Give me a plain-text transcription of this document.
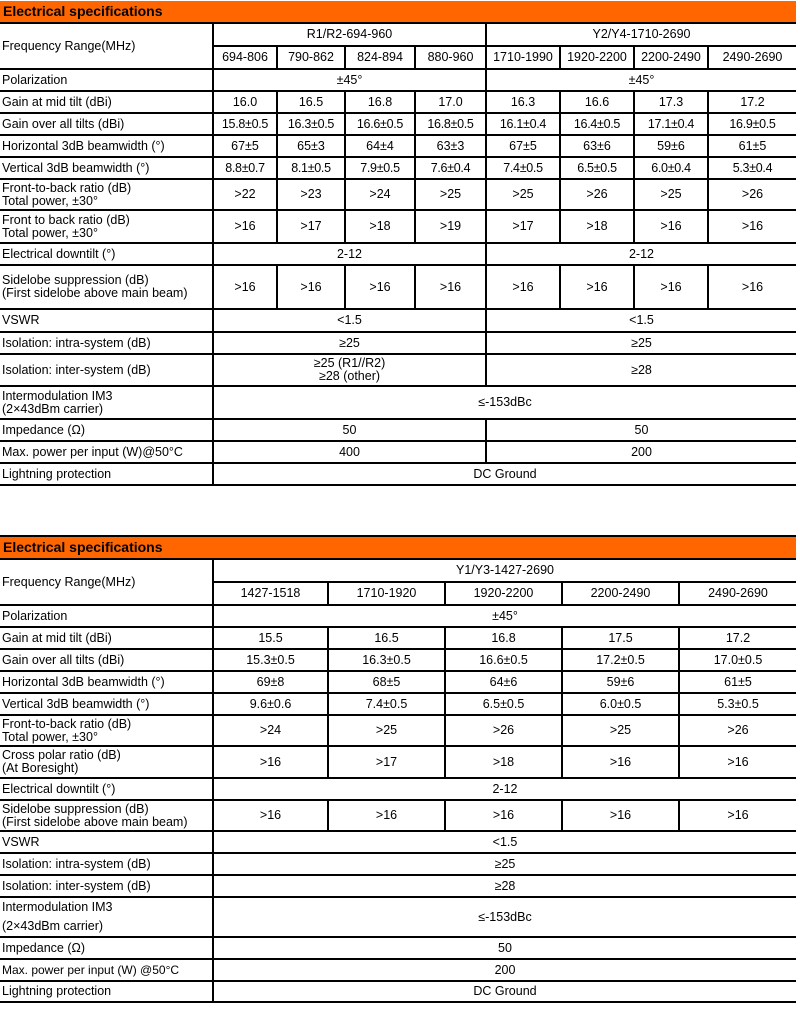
Electrical specifications								
Frequency Range(MHz)	R1/R2-694-960				Y2/Y4-1710-2690			
	694-806	790-862	824-894	880-960	1710-1990	1920-2200	2200-2490	2490-2690
Polarization	±45°				±45°			
Gain at mid tilt (dBi)	16.0	16.5	16.8	17.0	16.3	16.6	17.3	17.2
Gain over all tilts (dBi)	15.8±0.5	16.3±0.5	16.6±0.5	16.8±0.5	16.1±0.4	16.4±0.5	17.1±0.4	16.9±0.5
Horizontal 3dB beamwidth (°)	67±5	65±3	64±4	63±3	67±5	63±6	59±6	61±5
Vertical 3dB beamwidth (°)	8.8±0.7	8.1±0.5	7.9±0.5	7.6±0.4	7.4±0.5	6.5±0.5	6.0±0.4	5.3±0.4
Front-to-back ratio (dB)
Total power, ±30°	>22	>23	>24	>25	>25	>26	>25	>26
Front to back ratio (dB)
Total power, ±30°	>16	>17	>18	>19	>17	>18	>16	>16
Electrical downtilt (°)	2-12				2-12			
Sidelobe suppression (dB)
(First sidelobe above main beam)	>16	>16	>16	>16	>16	>16	>16	>16
VSWR	<1.5				<1.5			
Isolation: intra-system (dB)	≥25				≥25			
Isolation: inter-system (dB)	≥25 (R1//R2)
≥28 (other)				≥28			
Intermodulation IM3
(2×43dBm carrier)	≤-153dBc							
Impedance (Ω)	50				50			
Max. power per input (W)@50°C	400				200			
Lightning protection	DC Ground							
Electrical specifications					
Frequency Range(MHz)	Y1/Y3-1427-2690				
	1427-1518	1710-1920	1920-2200	2200-2490	2490-2690
Polarization	±45°				
Gain at mid tilt (dBi)	15.5	16.5	16.8	17.5	17.2
Gain over all tilts (dBi)	15.3±0.5	16.3±0.5	16.6±0.5	17.2±0.5	17.0±0.5
Horizontal 3dB beamwidth (°)	69±8	68±5	64±6	59±6	61±5
Vertical 3dB beamwidth (°)	9.6±0.6	7.4±0.5	6.5±0.5	6.0±0.5	5.3±0.5
Front-to-back ratio (dB)
Total power, ±30°	>24	>25	>26	>25	>26
Cross polar ratio (dB)
(At Boresight)	>16	>17	>18	>16	>16
Electrical downtilt (°)	2-12				
Sidelobe suppression (dB)
(First sidelobe above main beam)	>16	>16	>16	>16	>16
VSWR	<1.5				
Isolation: intra-system (dB)	≥25				
Isolation: inter-system (dB)	≥28				
Intermodulation IM3
(2×43dBm carrier)	≤-153dBc				
Impedance (Ω)	50				
Max. power per input (W) @50°C	200				
Lightning protection	DC Ground				
